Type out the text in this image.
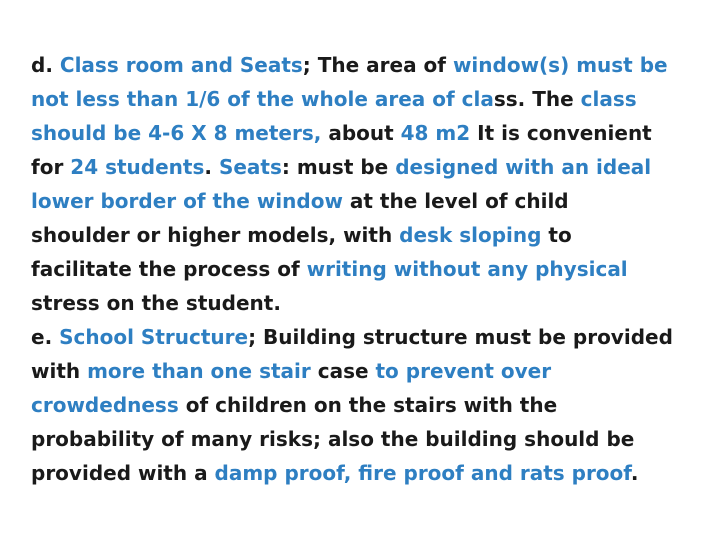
d. Class room and Seats; The area of window(s) must be
not less than 1/6 of the whole area of class. The class
should be 4-6 X 8 meters, about 48 m2 It is convenient
for 24 students. Seats: must be designed with an ideal
lower border of the window at the level of child
shoulder or higher models, with desk sloping to
facilitate the process of writing without any physical
stress on the student.
e. School Structure; Building structure must be provided
with more than one stair case to prevent over
crowdedness of children on the stairs with the
probability of many risks; also the building should be
provided with a damp proof, fire proof and rats proof.
